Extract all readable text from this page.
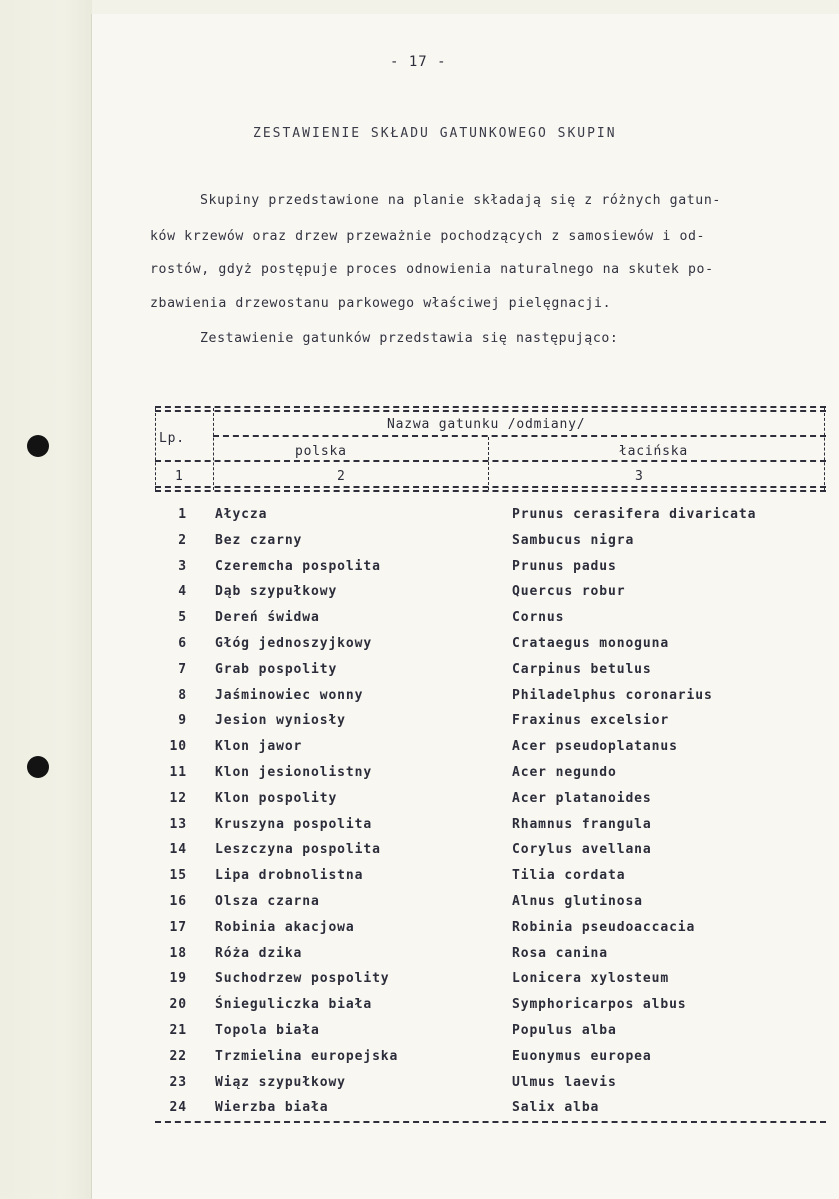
- 17 -
ZESTAWIENIE SKŁADU GATUNKOWEGO SKUPIN
Skupiny przedstawione na planie składają się z różnych gatun-
ków krzewów oraz drzew przeważnie pochodzących z samosiewów i od-
rostów, gdyż postępuje proces odnowienia naturalnego na skutek po-
zbawienia drzewostanu parkowego właściwej pielęgnacji.
Zestawienie gatunków przedstawia się następująco:
Lp.
Nazwa gatunku /odmiany/
polska	łacińska
1	2	3
1 Ałycza	Prunus cerasifera divaricata
2 Bez czarny	Sambucus nigra
3 Czeremcha pospolita	Prunus padus
4 Dąb szypułkowy	Quercus robur
5 Dereń świdwa	Cornus
6 Głóg jednoszyjkowy	Crataegus monoguna
7 Grab pospolity	Carpinus betulus
8 Jaśminowiec wonny	Philadelphus coronarius
9 Jesion wyniosły	Fraxinus excelsior
10 Klon jawor	Acer pseudoplatanus
11 Klon jesionolistny	Acer negundo
12 Klon pospolity	Acer platanoides
13 Kruszyna pospolita	Rhamnus frangula
14 Leszczyna pospolita	Corylus avellana
15 Lipa drobnolistna	Tilia cordata
16 Olsza czarna	Alnus glutinosa
17 Robinia akacjowa	Robinia pseudoaccacia
18 Róża dzika	Rosa canina
19 Suchodrzew pospolity	Lonicera xylosteum
20 Śnieguliczka biała	Symphoricarpos albus
21 Topola biała	Populus alba
22 Trzmielina europejska	Euonymus europea
23 Wiąz szypułkowy	Ulmus laevis
24 Wierzba biała	Salix alba
